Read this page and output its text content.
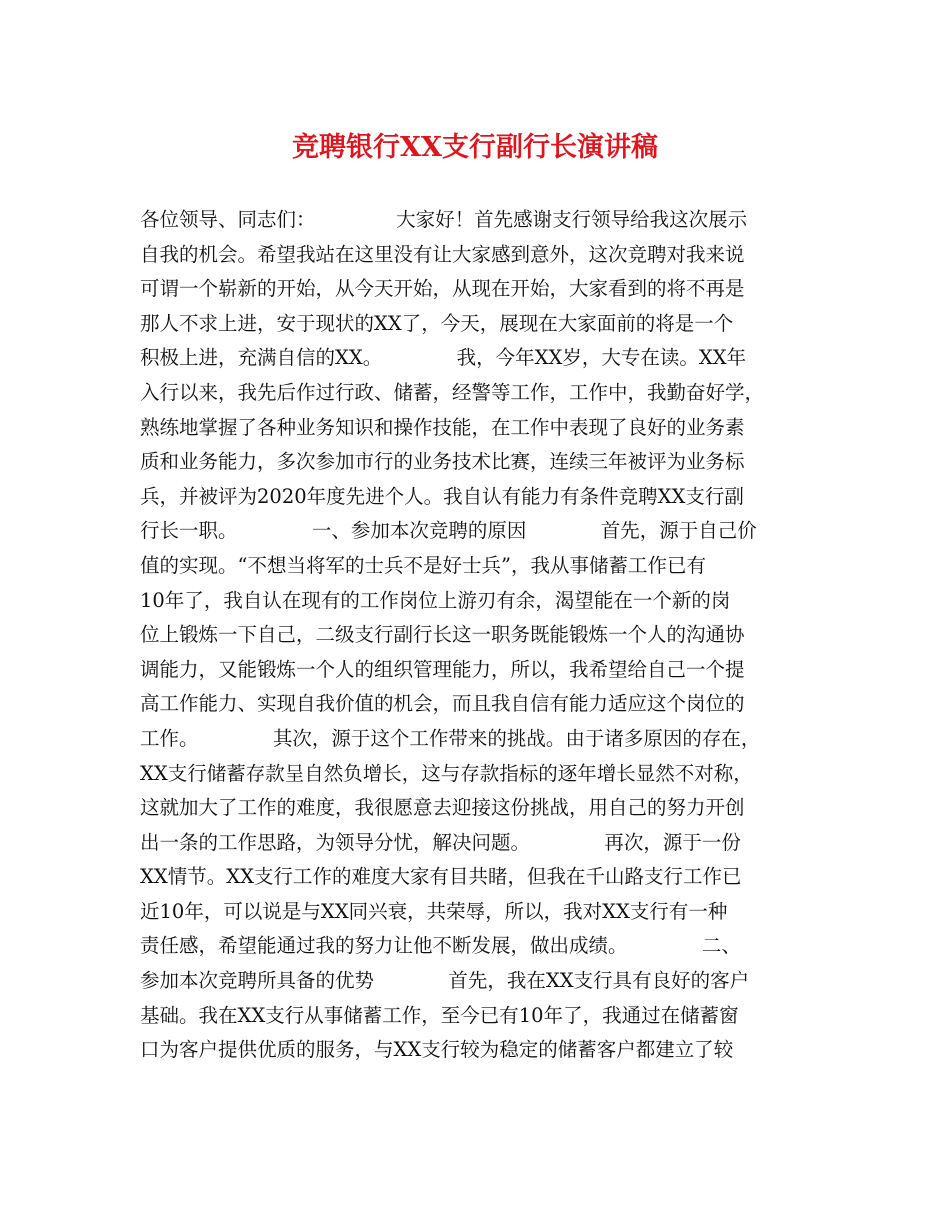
竞聘银行XX支行副行长演讲稿
各位领导、同志们：             大家好！首先感谢支行领导给我这次展示
自我的机会。希望我站在这里没有让大家感到意外，这次竞聘对我来说
可谓一个崭新的开始，从今天开始，从现在开始，大家看到的将不再是
那人不求上进，安于现状的XX了，今天，展现在大家面前的将是一个
积极上进，充满自信的XX。            我，今年XX岁，大专在读。XX年
入行以来，我先后作过行政、储蓄，经警等工作，工作中，我勤奋好学，
熟练地掌握了各种业务知识和操作技能，在工作中表现了良好的业务素
质和业务能力，多次参加市行的业务技术比赛，连续三年被评为业务标
兵，并被评为2020年度先进个人。我自认有能力有条件竞聘XX支行副
行长一职。            一、参加本次竞聘的原因            首先，源于自己价
值的实现。“不想当将军的士兵不是好士兵”，我从事储蓄工作已有
10年了，我自认在现有的工作岗位上游刃有余，渴望能在一个新的岗
位上锻炼一下自己，二级支行副行长这一职务既能锻炼一个人的沟通协
调能力，又能锻炼一个人的组织管理能力，所以，我希望给自己一个提
高工作能力、实现自我价值的机会，而且我自信有能力适应这个岗位的
工作。            其次，源于这个工作带来的挑战。由于诸多原因的存在，
XX支行储蓄存款呈自然负增长，这与存款指标的逐年增长显然不对称，
这就加大了工作的难度，我很愿意去迎接这份挑战，用自己的努力开创
出一条的工作思路，为领导分忧，解决问题。            再次，源于一份
XX情节。XX支行工作的难度大家有目共睹，但我在千山路支行工作已
近10年，可以说是与XX同兴衰，共荣辱，所以，我对XX支行有一种
责任感，希望能通过我的努力让他不断发展，做出成绩。            二、
参加本次竞聘所具备的优势            首先，我在XX支行具有良好的客户
基础。我在XX支行从事储蓄工作，至今已有10年了，我通过在储蓄窗
口为客户提供优质的服务，与XX支行较为稳定的储蓄客户都建立了较
